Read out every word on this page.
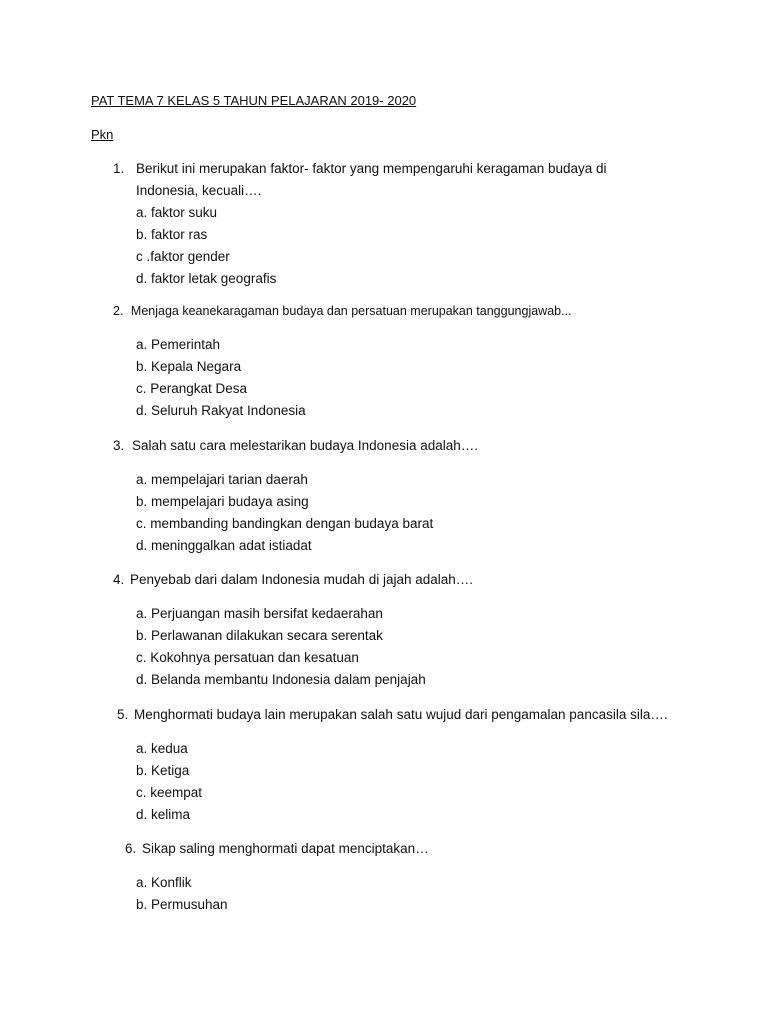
PAT TEMA 7 KELAS 5 TAHUN PELAJARAN 2019- 2020
Pkn
1. Berikut ini merupakan faktor- faktor yang mempengaruhi keragaman budaya di
Indonesia, kecuali….
a. faktor suku
b. faktor ras
c .faktor gender
d. faktor letak geografis
2. Menjaga keanekaragaman budaya dan persatuan merupakan tanggungjawab...
a. Pemerintah
b. Kepala Negara
c. Perangkat Desa
d. Seluruh Rakyat Indonesia
3. Salah satu cara melestarikan budaya Indonesia adalah….
a. mempelajari tarian daerah
b. mempelajari budaya asing
c. membanding bandingkan dengan budaya barat
d. meninggalkan adat istiadat
4. Penyebab dari dalam Indonesia mudah di jajah adalah….
a. Perjuangan masih bersifat kedaerahan
b. Perlawanan dilakukan secara serentak
c. Kokohnya persatuan dan kesatuan
d. Belanda membantu Indonesia dalam penjajah
5. Menghormati budaya lain merupakan salah satu wujud dari pengamalan pancasila sila….
a. kedua
b. Ketiga
c. keempat
d. kelima
6. Sikap saling menghormati dapat menciptakan…
a. Konflik
b. Permusuhan
